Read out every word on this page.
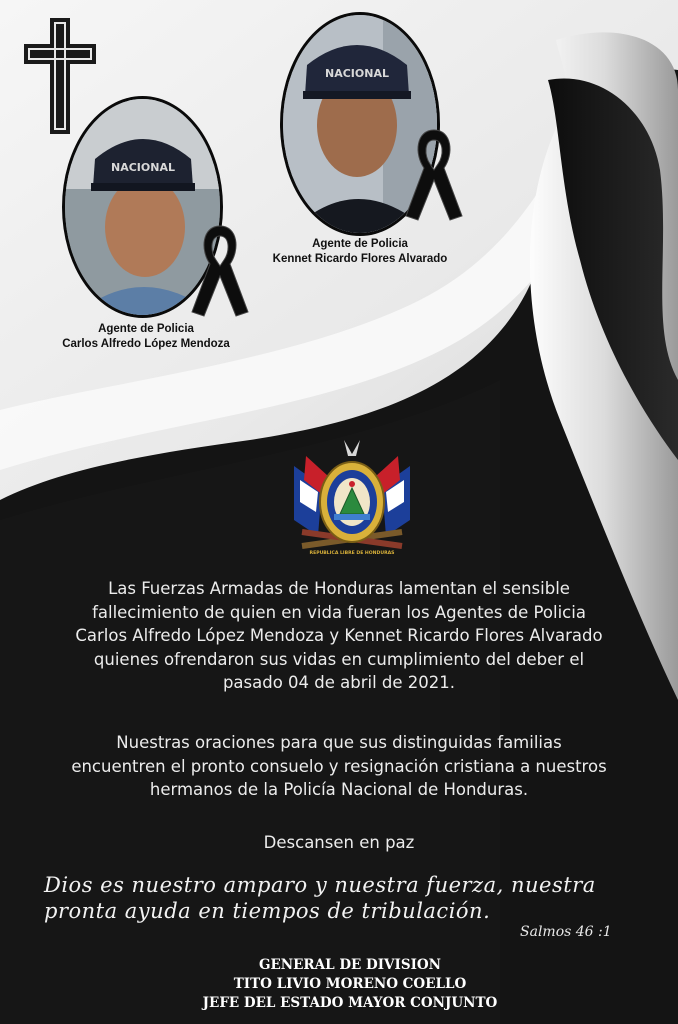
NACIONAL
NACIONAL
Agente de Policia
Carlos Alfredo López Mendoza
Agente de Policia
Kennet Ricardo Flores Alvarado
REPUBLICA LIBRE DE HONDURAS
Las Fuerzas Armadas de Honduras lamentan el sensible
fallecimiento de quien en vida fueran los Agentes de Policia
Carlos Alfredo López Mendoza y Kennet Ricardo Flores Alvarado
quienes ofrendaron sus vidas en cumplimiento del deber el
pasado 04 de abril de 2021.
Nuestras oraciones para que sus distinguidas familias
encuentren el pronto consuelo y resignación cristiana a nuestros
hermanos de la Policía Nacional de Honduras.
Descansen en paz
Dios es nuestro amparo y nuestra fuerza, nuestra
pronta ayuda en tiempos de tribulación.
Salmos 46 :1
GENERAL DE DIVISION
TITO LIVIO MORENO COELLO
JEFE DEL ESTADO MAYOR CONJUNTO
